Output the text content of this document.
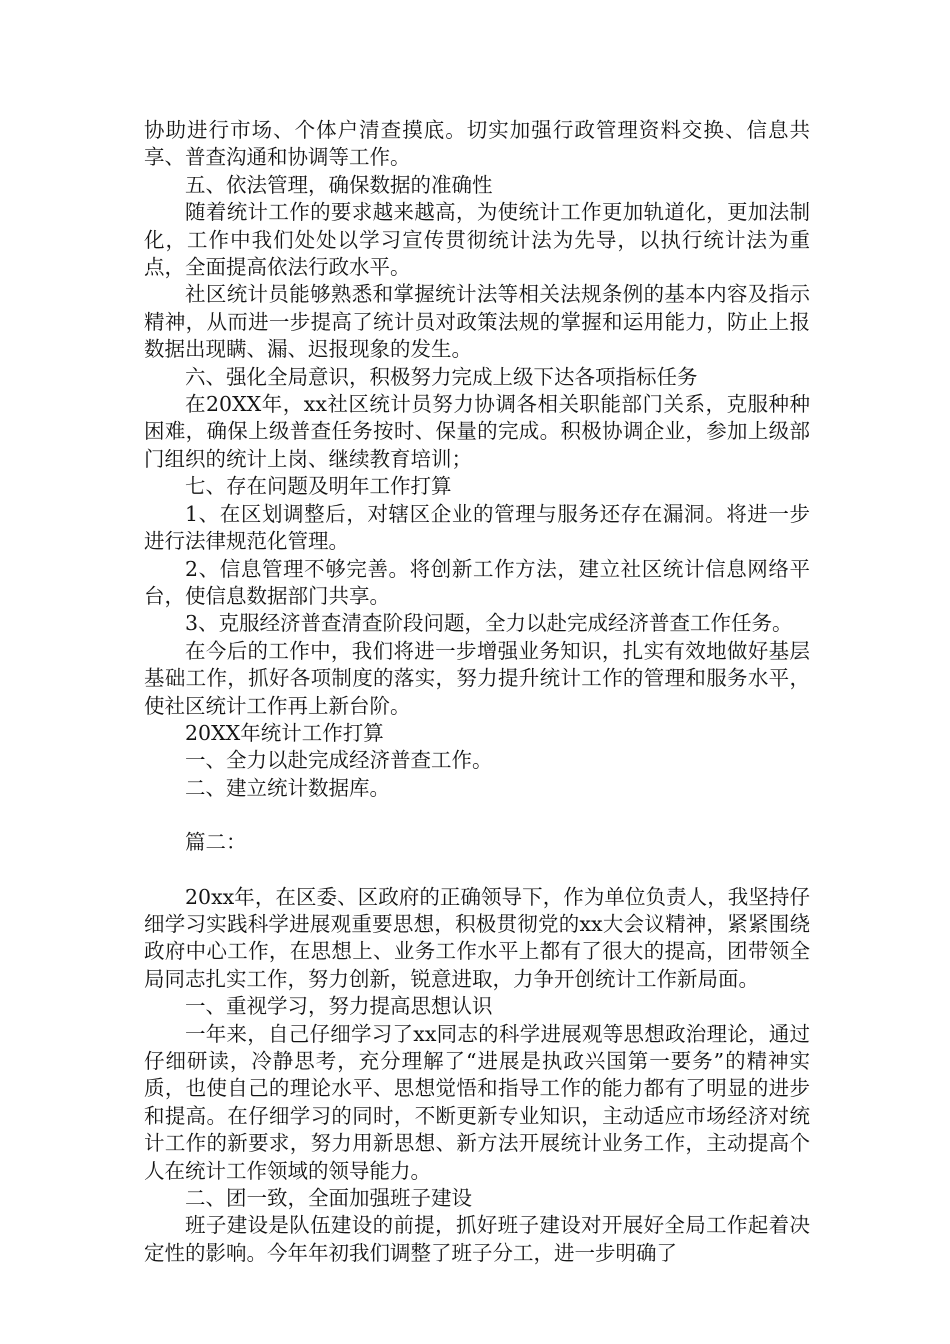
协助进行市场、个体户清查摸底。切实加强行政管理资料交换、信息共享、普查沟通和协调等工作。

五、依法管理，确保数据的准确性

随着统计工作的要求越来越高，为使统计工作更加轨道化，更加法制化，工作中我们处处以学习宣传贯彻统计法为先导，以执行统计法为重点，全面提高依法行政水平。

社区统计员能够熟悉和掌握统计法等相关法规条例的基本内容及指示精神，从而进一步提高了统计员对政策法规的掌握和运用能力，防止上报数据出现瞒、漏、迟报现象的发生。

六、强化全局意识，积极努力完成上级下达各项指标任务

在20XX年，xx社区统计员努力协调各相关职能部门关系，克服种种困难，确保上级普查任务按时、保量的完成。积极协调企业，参加上级部门组织的统计上岗、继续教育培训；

七、存在问题及明年工作打算

1、在区划调整后，对辖区企业的管理与服务还存在漏洞。将进一步进行法律规范化管理。

2、信息管理不够完善。将创新工作方法，建立社区统计信息网络平台，使信息数据部门共享。

3、克服经济普查清查阶段问题，全力以赴完成经济普查工作任务。

在今后的工作中，我们将进一步增强业务知识，扎实有效地做好基层基础工作，抓好各项制度的落实，努力提升统计工作的管理和服务水平，使社区统计工作再上新台阶。

20XX年统计工作打算

一、全力以赴完成经济普查工作。

二、建立统计数据库。

篇二：

20xx年，在区委、区政府的正确领导下，作为单位负责人，我坚持仔细学习实践科学进展观重要思想，积极贯彻党的xx大会议精神，紧紧围绕政府中心工作，在思想上、业务工作水平上都有了很大的提高，团带领全局同志扎实工作，努力创新，锐意进取，力争开创统计工作新局面。

一、重视学习，努力提高思想认识

一年来，自己仔细学习了xx同志的科学进展观等思想政治理论，通过仔细研读，冷静思考，充分理解了“进展是执政兴国第一要务”的精神实质，也使自己的理论水平、思想觉悟和指导工作的能力都有了明显的进步和提高。在仔细学习的同时，不断更新专业知识，主动适应市场经济对统计工作的新要求，努力用新思想、新方法开展统计业务工作，主动提高个人在统计工作领域的领导能力。

二、团一致，全面加强班子建设

班子建设是队伍建设的前提，抓好班子建设对开展好全局工作起着决定性的影响。今年年初我们调整了班子分工，进一步明确了
